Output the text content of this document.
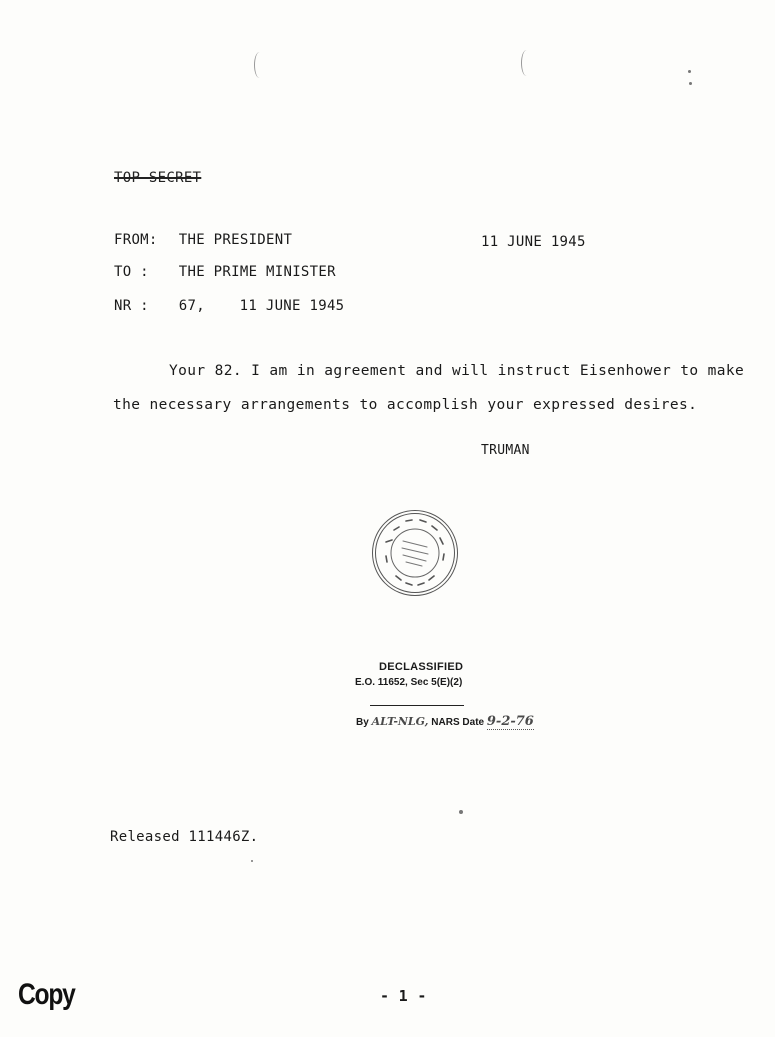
TOP SECRET
FROM: THE PRESIDENT	11 JUNE 1945
TO : THE PRIME MINISTER
NR : 67, 11 JUNE 1945
Your 82. I am in agreement and will instruct Eisenhower to make
the necessary arrangements to accomplish your expressed desires.
TRUMAN
DECLASSIFIED
E.O. 11652, Sec 5(E)(2)
By ALT-NLG, NARS Date 9-2-76
Released 111446Z.
Copy	- 1 -
